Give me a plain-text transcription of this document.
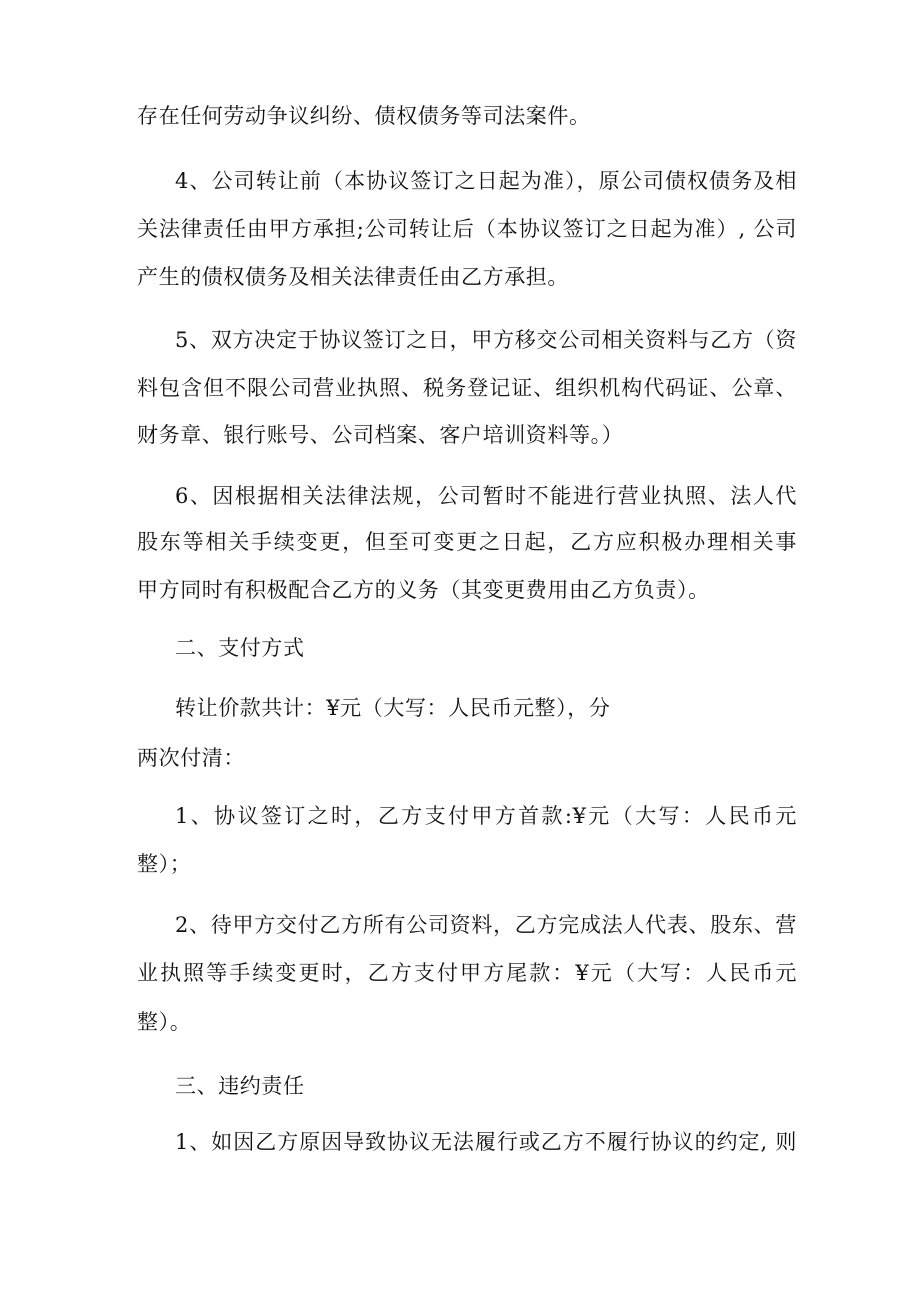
存在任何劳动争议纠纷、债权债务等司法案件。
4、公司转让前（本协议签订之日起为准），原公司债权债务及相
关法律责任由甲方承担;公司转让后（本协议签订之日起为准）, 公司
产生的债权债务及相关法律责任由乙方承担。
5、双方决定于协议签订之日，甲方移交公司相关资料与乙方（资
料包含但不限公司营业执照、税务登记证、组织机构代码证、公章、
财务章、银行账号、公司档案、客户培训资料等。）
6、因根据相关法律法规，公司暂时不能进行营业执照、法人代
股东等相关手续变更，但至可变更之日起，乙方应积极办理相关事
甲方同时有积极配合乙方的义务（其变更费用由乙方负责）。
二、支付方式
转让价款共计：¥元（大写：人民币元整），分
两次付清：
1、协议签订之时，乙方支付甲方首款:¥元（大写：人民币元
整）；
2、待甲方交付乙方所有公司资料，乙方完成法人代表、股东、营
业执照等手续变更时，乙方支付甲方尾款：¥元（大写：人民币元
整）。
三、违约责任
1、如因乙方原因导致协议无法履行或乙方不履行协议的约定, 则
